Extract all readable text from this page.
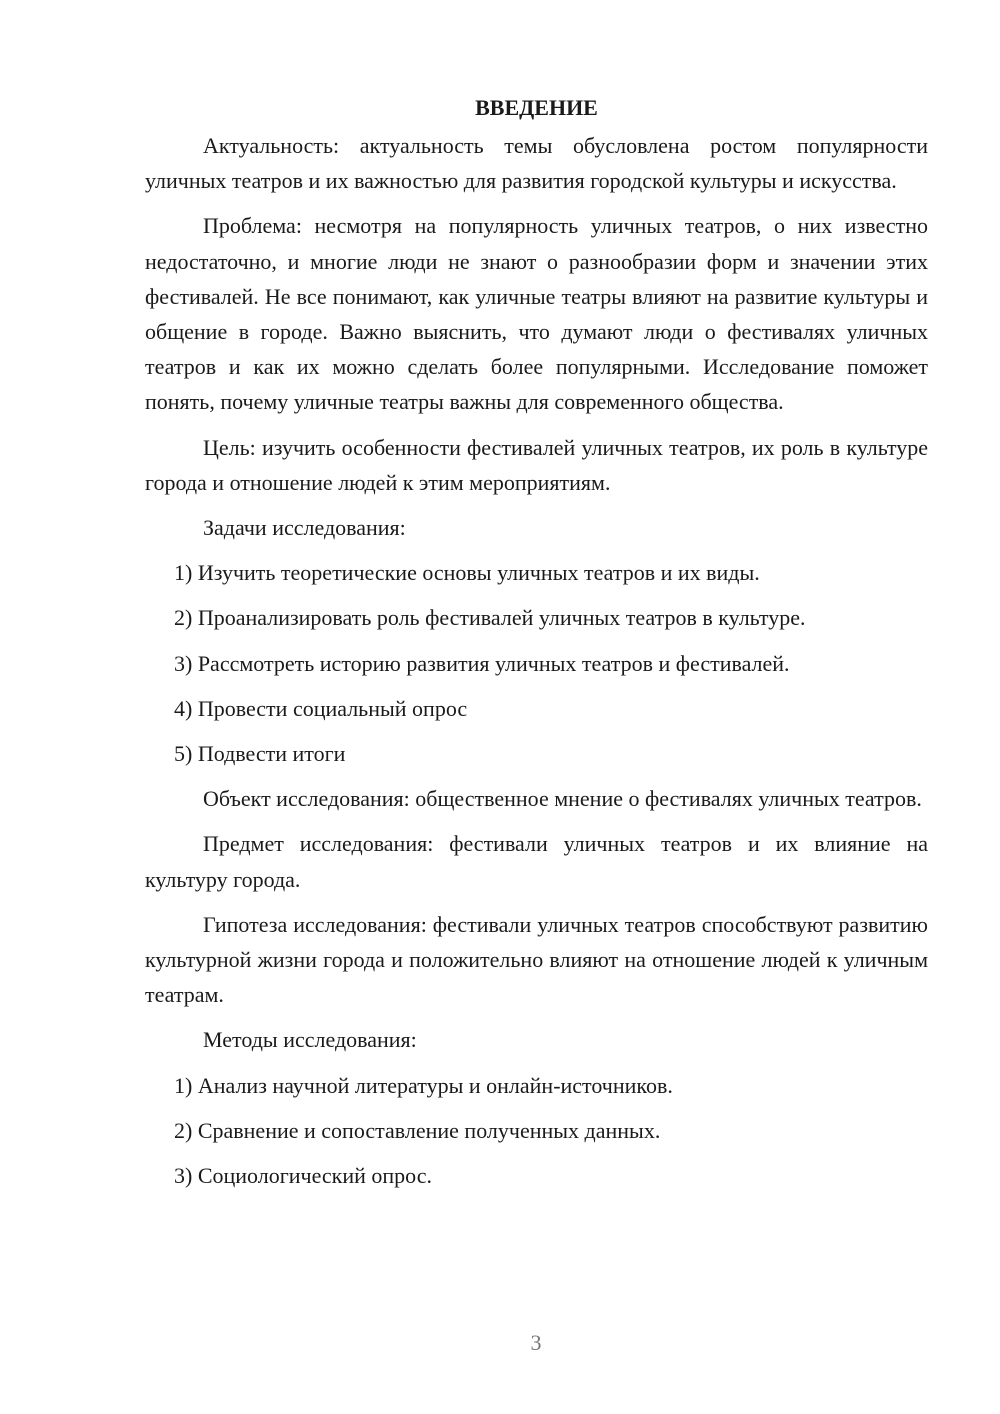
ВВЕДЕНИЕ

Актуальность: актуальность темы обусловлена ростом популярности уличных театров и их важностью для развития городской культуры и искусства.

Проблема: несмотря на популярность уличных театров, о них известно недостаточно, и многие люди не знают о разнообразии форм и значении этих фестивалей. Не все понимают, как уличные театры влияют на развитие культуры и общение в городе. Важно выяснить, что думают люди о фестивалях уличных театров и как их можно сделать более популярными. Исследование поможет понять, почему уличные театры важны для современного общества.

Цель: изучить особенности фестивалей уличных театров, их роль в культуре города и отношение людей к этим мероприятиям.

Задачи исследования:

1) Изучить теоретические основы уличных театров и их виды.

2) Проанализировать роль фестивалей уличных театров в культуре.

3) Рассмотреть историю развития уличных театров и фестивалей.

4) Провести социальный опрос

5) Подвести итоги

Объект исследования: общественное мнение о фестивалях уличных театров.

Предмет исследования: фестивали уличных театров и их влияние на культуру города.

Гипотеза исследования: фестивали уличных театров способствуют развитию культурной жизни города и положительно влияют на отношение людей к уличным театрам.

Методы исследования:

1) Анализ научной литературы и онлайн-источников.

2) Сравнение и сопоставление полученных данных.

3) Социологический опрос.

3
